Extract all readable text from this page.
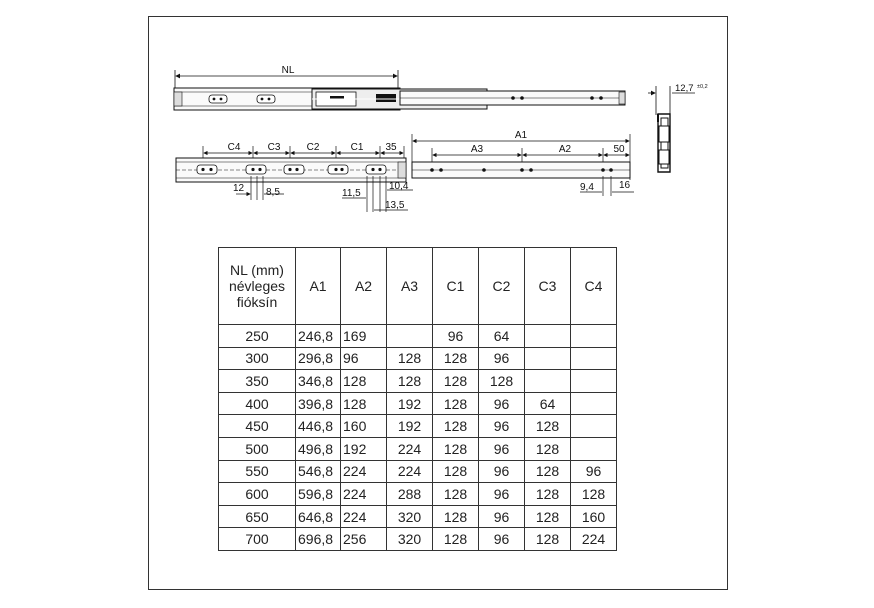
NL
12,7 ±0,2
C4	C3	C2	C1 35
12 8,5	11,5
10,4
13,5
A1
A3	A2	50
9,4	16
NL (mm)
névleges
fióksín	A1	A2	A3	C1	C2	C3	C4
250	246,8	169		96	64		
300	296,8	96	128	128	96		
350	346,8	128	128	128	128		
400	396,8	128	192	128	96	64	
450	446,8	160	192	128	96	128	
500	496,8	192	224	128	96	128	
550	546,8	224	224	128	96	128	96
600	596,8	224	288	128	96	128	128
650	646,8	224	320	128	96	128	160
700	696,8	256	320	128	96	128	224
